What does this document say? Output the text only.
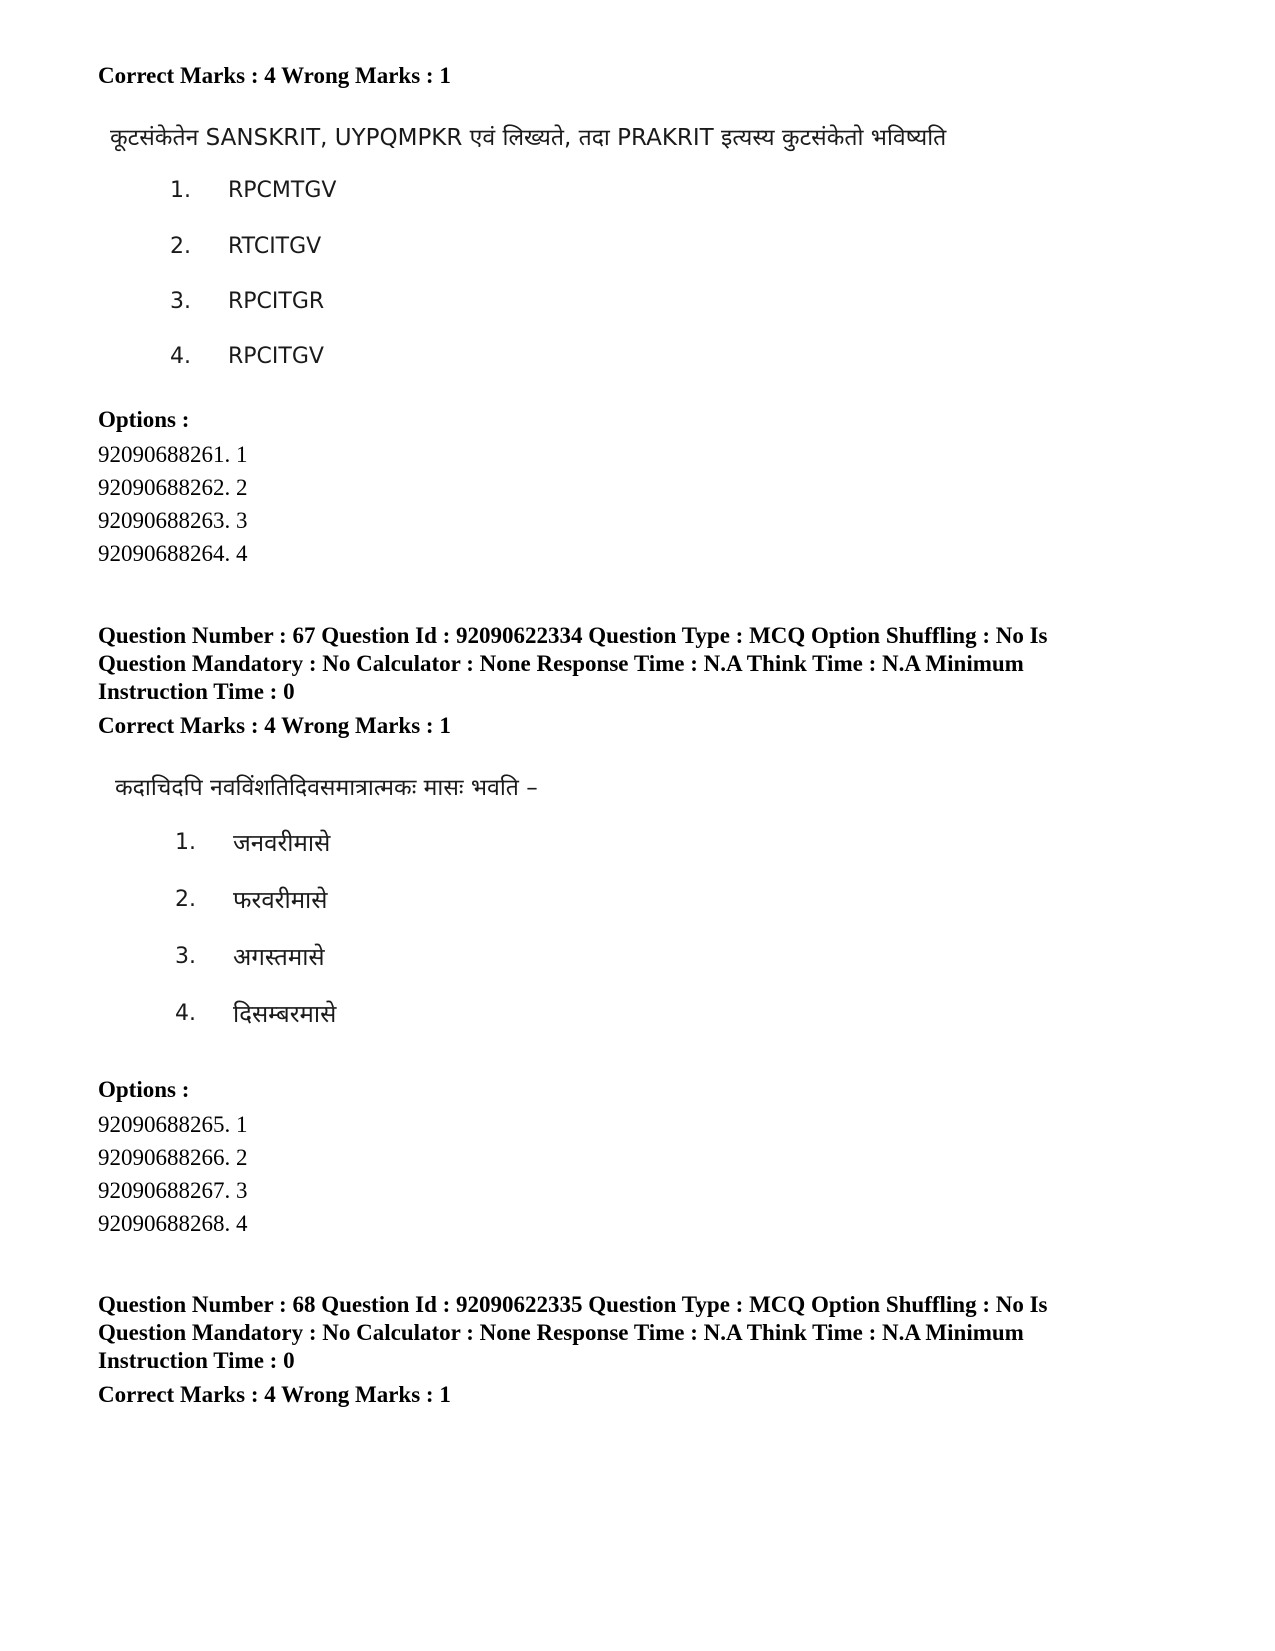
Correct Marks : 4 Wrong Marks : 1
कूटसंकेतेन SANSKRIT, UYPQMPKR एवं लिख्यते, तदा PRAKRIT इत्यस्य कुटसंकेतो भविष्यति
1. RPCMTGV
2. RTCITGV
3. RPCITGR
4. RPCITGV
Options :
92090688261. 1
92090688262. 2
92090688263. 3
92090688264. 4
Question Number : 67 Question Id : 92090622334 Question Type : MCQ Option Shuffling : No Is
Question Mandatory : No Calculator : None Response Time : N.A Think Time : N.A Minimum
Instruction Time : 0
Correct Marks : 4 Wrong Marks : 1
कदाचिदपि नवविंशतिदिवसमात्रात्मकः मासः भवति –
1. जनवरीमासे
2. फरवरीमासे
3. अगस्तमासे
4. दिसम्बरमासे
Options :
92090688265. 1
92090688266. 2
92090688267. 3
92090688268. 4
Question Number : 68 Question Id : 92090622335 Question Type : MCQ Option Shuffling : No Is
Question Mandatory : No Calculator : None Response Time : N.A Think Time : N.A Minimum
Instruction Time : 0
Correct Marks : 4 Wrong Marks : 1
